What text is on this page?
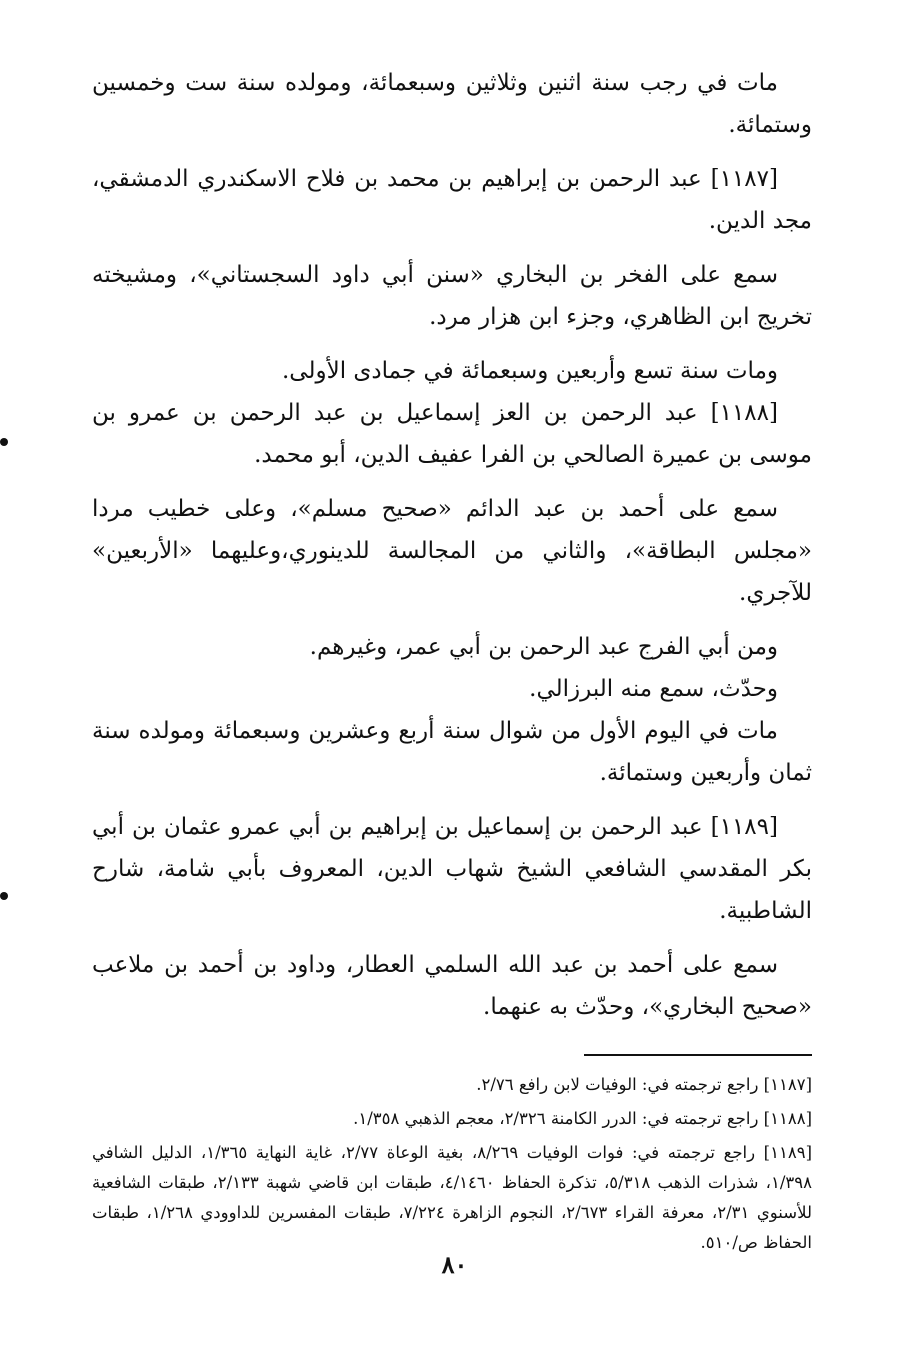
مات في رجب سنة اثنين وثلاثين وسبعمائة، ومولده سنة ست وخمسين وستمائة.

[١١٨٧] عبد الرحمن بن إبراهيم بن محمد بن فلاح الاسكندري الدمشقي، مجد الدين.

سمع على الفخر بن البخاري «سنن أبي داود السجستاني»، ومشيخته تخريج ابن الظاهري، وجزء ابن هزار مرد.

ومات سنة تسع وأربعين وسبعمائة في جمادى الأولى.

[١١٨٨] عبد الرحمن بن العز إسماعيل بن عبد الرحمن بن عمرو بن موسى بن عميرة الصالحي بن الفرا عفيف الدين، أبو محمد.

سمع على أحمد بن عبد الدائم «صحيح مسلم»، وعلى خطيب مردا «مجلس البطاقة»، والثاني من المجالسة للدينوري،وعليهما «الأربعين» للآجري.

ومن أبي الفرج عبد الرحمن بن أبي عمر، وغيرهم.

وحدّث، سمع منه البرزالي.

مات في اليوم الأول من شوال سنة أربع وعشرين وسبعمائة ومولده سنة ثمان وأربعين وستمائة.

[١١٨٩] عبد الرحمن بن إسماعيل بن إبراهيم بن أبي عمرو عثمان بن أبي بكر المقدسي الشافعي الشيخ شهاب الدين، المعروف بأبي شامة، شارح الشاطبية.

سمع على أحمد بن عبد الله السلمي العطار، وداود بن أحمد بن ملاعب «صحيح البخاري»، وحدّث به عنهما.

[١١٨٧] راجع ترجمته في: الوفيات لابن رافع ٢/٧٦.

[١١٨٨] راجع ترجمته في: الدرر الكامنة ٢/٣٢٦، معجم الذهبي ١/٣٥٨.

[١١٨٩] راجع ترجمته في: فوات الوفيات ٨/٢٦٩، بغية الوعاة ٢/٧٧، غاية النهاية ١/٣٦٥، الدليل الشافي ١/٣٩٨، شذرات الذهب ٥/٣١٨، تذكرة الحفاظ ٤/١٤٦٠، طبقات ابن قاضي شهبة ٢/١٣٣، طبقات الشافعية للأسنوي ٢/٣١، معرفة القراء ٢/٦٧٣، النجوم الزاهرة ٧/٢٢٤، طبقات المفسرين للداوودي ١/٢٦٨، طبقات الحفاظ ص/٥١٠.

٨٠
